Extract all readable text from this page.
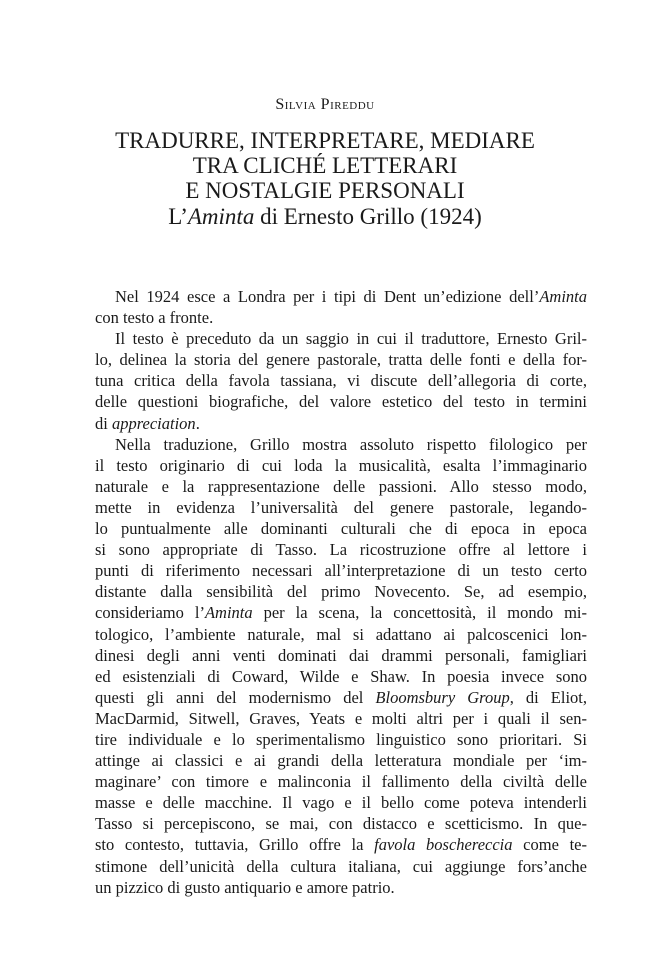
Silvia Pireddu
TRADURRE, INTERPRETARE, MEDIARE
TRA CLICHÉ LETTERARI
E NOSTALGIE PERSONALI
L’Aminta di Ernesto Grillo (1924)
Nel 1924 esce a Londra per i tipi di Dent un’edizione dell’Aminta
con testo a fronte.
Il testo è preceduto da un saggio in cui il traduttore, Ernesto Gril-
lo, delinea la storia del genere pastorale, tratta delle fonti e della for-
tuna critica della favola tassiana, vi discute dell’allegoria di corte,
delle questioni biografiche, del valore estetico del testo in termini
di appreciation.
Nella traduzione, Grillo mostra assoluto rispetto filologico per
il testo originario di cui loda la musicalità, esalta l’immaginario
naturale e la rappresentazione delle passioni. Allo stesso modo,
mette in evidenza l’universalità del genere pastorale, legando-
lo puntualmente alle dominanti culturali che di epoca in epoca
si sono appropriate di Tasso. La ricostruzione offre al lettore i
punti di riferimento necessari all’interpretazione di un testo certo
distante dalla sensibilità del primo Novecento. Se, ad esempio,
consideriamo l’Aminta per la scena, la concettosità, il mondo mi-
tologico, l’ambiente naturale, mal si adattano ai palcoscenici lon-
dinesi degli anni venti dominati dai drammi personali, famigliari
ed esistenziali di Coward, Wilde e Shaw. In poesia invece sono
questi gli anni del modernismo del Bloomsbury Group, di Eliot,
MacDarmid, Sitwell, Graves, Yeats e molti altri per i quali il sen-
tire individuale e lo sperimentalismo linguistico sono prioritari. Si
attinge ai classici e ai grandi della letteratura mondiale per ‘im-
maginare’ con timore e malinconia il fallimento della civiltà delle
masse e delle macchine. Il vago e il bello come poteva intenderli
Tasso si percepiscono, se mai, con distacco e scetticismo. In que-
sto contesto, tuttavia, Grillo offre la favola boschereccia come te-
stimone dell’unicità della cultura italiana, cui aggiunge fors’anche
un pizzico di gusto antiquario e amore patrio.
